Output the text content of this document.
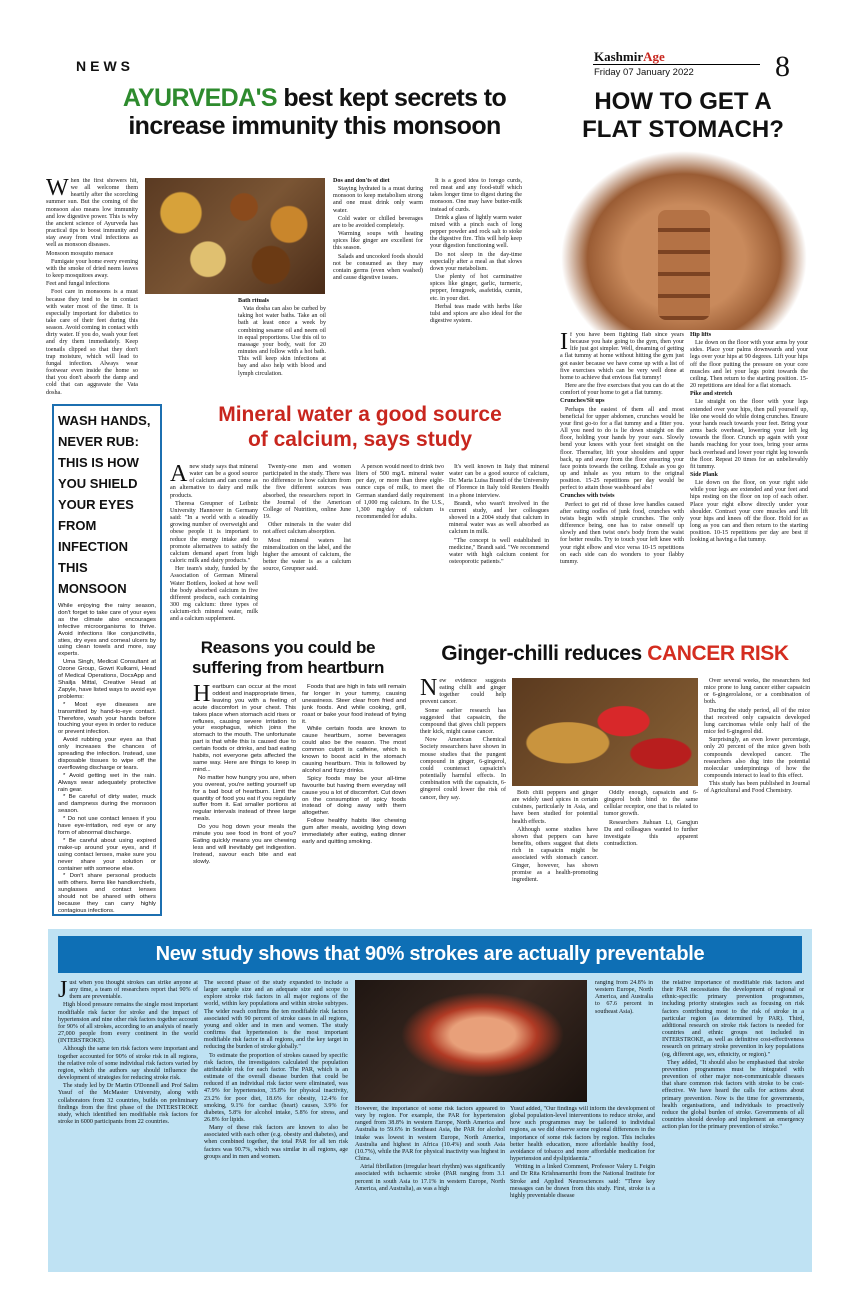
NEWS
KashmirAge
Friday 07 January 2022	8
AYURVEDA'S best kept secrets to
increase immunity this monsoon

When the first showers hit, we all welcome them heartily after the scorching summer sun. But the coming of the monsoon also means low immunity and low digestive power. This is why the ancient science of Ayurveda has practical tips to boost immunity and stay away from viral infections as well as monsoon diseases.

Monsoon mosquito menace

Fumigate your home every evening with the smoke of dried neem leaves to keep mosquitoes away.

Feet and fungal infections

Foot care in monsoons is a must because they tend to be in contact with water most of the time. It is especially important for diabetics to take care of their feet during this season. Avoid coming in contact with dirty water. If you do, wash your feet and dry them immediately. Keep toenails clipped so that they don't trap moisture, which will lead to fungal infection. Always wear footwear even inside the home so that you don't absorb the damp and cold that can aggravate the Vata dosha.

Bath rituals

Vata dosha can also be curbed by taking hot water baths. Take an oil bath at least once a week by combining sesame oil and neem oil in equal proportions. Use this oil to massage your body, wait for 20 minutes and follow with a hot bath. This will keep skin infections at bay and also help with blood and lymph circulation.

Dos and don'ts of diet

Staying hydrated is a must during monsoon to keep metabolism strong and one must drink only warm water.

Cold water or chilled beverages are to be avoided completely.

Warming soups with heating spices like ginger are excellent for this season.

Salads and uncooked foods should not be consumed as they may contain germs (even when washed) and cause digestive issues.

It is a good idea to forego curds, red meat and any food-stuff which takes longer time to digest during the monsoon. One may have butter-milk instead of curds.

Drink a glass of lightly warm water mixed with a pinch each of long pepper powder and rock salt to stoke the digestive fire. This will help keep your digestion functioning well.

Do not sleep in the day-time especially after a meal as that slows down your metabolism.

Use plenty of hot carminative spices like ginger, garlic, turmeric, pepper, fenugreek, asafetida, cumin, etc. in your diet.

Herbal teas made with herbs like tulsi and spices are also ideal for the digestive system.

HOW TO GET A
FLAT STOMACH?

If you have been fighting flab since years because you hate going to the gym, then your life just got simpler. Well, dreaming of getting a flat tummy at home without hitting the gym just got easier because we have come up with a list of five exercises which can be very well done at home to achieve that envious flat tummy!

Here are the five exercises that you can do at the comfort of your home to get a flat tummy.

Crunches/Sit ups

Perhaps the easiest of them all and most beneficial for upper abdomen, crunches would be your first go-to for a flat tummy and a fitter you. All you need to do is lie down straight on the floor, holding your hands by your ears. Slowly bend your knees with your feet straight on the floor. Thereafter, lift your shoulders and upper back, up and away from the floor ensuring your face points towards the ceiling. Exhale as you go up and inhale as you return to the original position. 15-25 repetitions per day would be perfect to attain those washboard abs!

Crunches with twists

Perfect to get rid of those love handles caused after eating oodles of junk food, crunches with twists begin with simple crunches. The only difference being, one has to raise oneself up slowly and then twist one's body from the waist for better results. Try to touch your left knee with your right elbow and vice versa 10-15 repetitions on each side can do wonders to your flabby tummy.

Hip lifts

Lie down on the floor with your arms by your sides. Place your palms downwards and your legs over your hips at 90 degrees. Lift your hips off the floor putting the pressure on your core muscles and let your legs point towards the ceiling. Then return to the starting position. 15-20 repetitions are ideal for a flat stomach.

Pike and stretch

Lie straight on the floor with your legs extended over your hips, then pull yourself up, like one would do while doing crunches. Ensure your hands reach towards your feet. Bring your arms back overhead, lowering your left leg towards the floor. Crunch up again with your hands reaching for your toes, bring your arms back overhead and lower your right leg towards the floor. Repeat 20 times for an unbelievably fit tummy.

Side Plank

Lie down on the floor, on your right side while your legs are extended and your feet and hips resting on the floor on top of each other. Place your right elbow directly under your shoulder. Contract your core muscles and lift your hips and knees off the floor. Hold for as long as you can and then return to the starting position. 10-15 repetitions per day are best if looking at having a flat tummy.

WASH HANDS, NEVER RUB: THIS IS HOW YOU SHIELD YOUR EYES FROM INFECTION THIS MONSOON

While enjoying the rainy season, don't forget to take care of your eyes as the climate also encourages infective microorganisms to thrive. Avoid infections like conjunctivitis, sties, dry eyes and corneal ulcers by using clean towels and more, say experts.

Uma Singh, Medical Consultant at Ozone Group, Gowri Kulkarni, Head of Medical Operations, DocsApp and Shailja Mittal, Creative Head at Zapyle, have listed ways to avoid eye problems:

* Most eye diseases are transmitted by hand-to-eye contact. Therefore, wash your hands before touching your eyes in order to reduce or prevent infection.

Avoid rubbing your eyes as that only increases the chances of spreading the infection. Instead, use disposable tissues to wipe off the overflowing discharge or tears.

* Avoid getting wet in the rain. Always wear adequately protective rain gear.

* Be careful of dirty water, muck and dampness during the monsoon season.

* Do not use contact lenses if you have eye-irritation, red eye or any form of abnormal discharge.

* Be careful about using expired make-up around your eyes, and if using contact lenses, make sure you never share your solution or container with someone else.

* Don't share personal products with others. Items like handkerchiefs, sunglasses and contact lenses should not be shared with others because they can carry highly contagious infections.

Mineral water a good source
of calcium, says study

Anew study says that mineral water can be a good source of calcium and can come as an alternative to dairy and milk products.

Theresa Greupner of Leibniz University Hannover in Germany said: "In a world with a steadily growing number of overweight and obese people it is important to reduce the energy intake and to promote alternatives to satisfy the calcium demand apart from high caloric milk and dairy products."

Her team's study, funded by the Association of German Mineral Water Bottlers, looked at how well the body absorbed calcium in five different products, each containing 300 mg calcium: three types of calcium-rich mineral water, milk and a calcium supplement.

Twenty-one men and women participated in the study. There was no difference in how calcium from the five different sources was absorbed, the researchers report in the Journal of the American College of Nutrition, online June 19.

Other minerals in the water did not affect calcium absorption.

Most mineral waters list mineralization on the label, and the higher the amount of calcium, the better the water is as a calcium source, Greupner said.

A person would need to drink two liters of 500 mg/L mineral water per day, or more than three eight-ounce cups of milk, to meet the German standard daily requirement of 1,000 mg calcium. In the U.S., 1,300 mg/day of calcium is recommended for adults.

It's well known in Italy that mineral water can be a good source of calcium, Dr. Maria Luisa Brandi of the University of Florence in Italy told Reuters Health in a phone interview.

Brandi, who wasn't involved in the current study, and her colleagues showed in a 2004 study that calcium in mineral water was as well absorbed as calcium in milk.

"The concept is well established in medicine," Brandi said. "We recommend water with high calcium content for osteoporotic patients."

Reasons you could be
suffering from heartburn

Heartburn can occur at the most oddest and inappropriate times, leaving you with a feeling of acute discomfort in your chest. This takes place when stomach acid rises or refluxes, causing severe irritation to your esophagus, which joins the stomach to the mouth. The unfortunate part is that while this is caused due to certain foods or drinks, and bad eating habits, not everyone gets affected the same way. Here are things to keep in mind...

No matter how hungry you are, when you overeat, you're setting yourself up for a bad bout of heartburn. Limit the quantity of food you eat if you regularly suffer from it. Eat smaller portions at regular intervals instead of three large meals.

Do you hog down your meals the minute you see food in front of you? Eating quickly means you are chewing less and will inevitably get indigestion. Instead, savour each bite and eat slowly.

Foods that are high in fats will remain far longer in your tummy, causing uneasiness. Steer clear from fried and junk foods. And while cooking, grill, roast or bake your food instead of frying it.

While certain foods are known to cause heartburn, some beverages could also be the reason. The most common culprit is caffeine, which is known to boost acid in the stomach causing heartburn. This is followed by alcohol and fizzy drinks.

Spicy foods may be your all-time favourite but having them everyday will cause you a lot of discomfort. Cut down on the consumption of spicy foods instead of doing away with them altogether.

Follow healthy habits like chewing gum after meals, avoiding lying down immediately after eating, eating dinner early and quitting smoking.

Ginger-chilli reduces CANCER RISK

New evidence suggests eating chilli and ginger together could help prevent cancer.

Some earlier research has suggested that capsaicin, the compound that gives chili peppers their kick, might cause cancer.

Now American Chemical Society researchers have shown in mouse studies that the pungent compound in ginger, 6-gingerol, could counteract capsaicin's potentially harmful effects. In combination with the capsaicin, 6-gingerol could lower the risk of cancer, they say.

Both chili peppers and ginger are widely used spices in certain cuisines, particularly in Asia, and have been studied for potential health effects.

Although some studies have shown that peppers can have benefits, others suggest that diets rich in capsaicin might be associated with stomach cancer. Ginger, however, has shown promise as a health-promoting ingredient.

Oddly enough, capsaicin and 6-gingerol both bind to the same cellular receptor, one that is related to tumor growth.

Researchers Jiahuan Li, Gangjun Du and colleagues wanted to further investigate this apparent contradiction.

Over several weeks, the researchers fed mice prone to lung cancer either capsaicin or 6-gingerolalone, or a combination of both.

During the study period, all of the mice that received only capsaicin developed lung carcinomas while only half of the mice fed 6-gingerol did.

Surprisingly, an even lower percentage, only 20 percent of the mice given both compounds developed cancer. The researchers also dug into the potential molecular underpinnings of how the compounds interact to lead to this effect.

This study has been published in Journal of Agricultural and Food Chemistry.

New study shows that 90% strokes are actually preventable

Just when you thought strokes can strike anyone at any time, a team of researchers report that 90% of them are preventable.

High blood pressure remains the single most important modifiable risk factor for stroke and the impact of hypertension and nine other risk factors together account for 90% of all strokes, according to an analysis of nearly 27,000 people from every continent in the world (INTERSTROKE).

Although the same ten risk factors were important and together accounted for 90% of stroke risk in all regions, the relative role of some individual risk factors varied by region, which the authors say should influence the development of strategies for reducing stroke risk.

The study led by Dr Martin O'Donnell and Prof Salim Yusuf of the McMaster University, along with collaborators from 32 countries, builds on preliminary findings from the first phase of the INTERSTROKE study, which identified ten modifiable risk factors for stroke in 6000 participants from 22 countries.

The second phase of the study expanded to include a larger sample size and an adequate size and scope to explore stroke risk factors in all major regions of the world, within key populations and within stroke subtypes. The wider reach confirms the ten modifiable risk factors associated with 90 percent of stroke cases in all regions, young and older and in men and women. The study confirms that hypertension is the most important modifiable risk factor in all regions, and the key target in reducing the burden of stroke globally."

To estimate the proportion of strokes caused by specific risk factors, the investigators calculated the population attributable risk for each factor. The PAR, which is an estimate of the overall disease burden that could be reduced if an individual risk factor were eliminated, was 47.9% for hypertension, 35.8% for physical inactivity, 23.2% for poor diet, 18.6% for obesity, 12.4% for smoking, 9.1% for cardiac (heart) causes, 3.9% for diabetes, 5.8% for alcohol intake, 5.8% for stress, and 26.8% for lipids.

Many of these risk factors are known to also be associated with each other (e.g. obesity and diabetes), and when combined together, the total PAR for all ten risk factors was 90.7%, which was similar in all regions, age groups and in men and women.

However, the importance of some risk factors appeared to vary by region. For example, the PAR for hypertension ranged from 38.8% in western Europe, North America and Australia to 59.6% in Southeast Asia, the PAR for alcohol intake was lowest in western Europe, North America, Australia and highest in Africa (10.4%) and south Asia (10.7%), while the PAR for physical inactivity was highest in China.

Atrial fibrillation (irregular heart rhythm) was significantly associated with ischaemic stroke (PAR ranging from 3.1 percent in south Asia to 17.1% in western Europe, North America, and Australia), as was a high

ranging from 24.8% in western Europe, North America, and Australia to 67.6 percent in southeast Asia).

Yusuf added, "Our findings will inform the development of global population-level interventions to reduce stroke, and how such programmes may be tailored to individual regions, as we did observe some regional differences in the importance of some risk factors by region. This includes better health education, more affordable healthy food, avoidance of tobacco and more affordable medication for hypertension and dyslipidaemia."

Writing in a linked Comment, Professor Valery L Feigin and Dr Rita Krishnamurthi from the National Institute for Stroke and Applied Neurosciences said: "Three key messages can be drawn from this study. First, stroke is a highly preventable disease

the relative importance of modifiable risk factors and their PAR necessitates the development of regional or ethnic-specific primary prevention programmes, including priority strategies such as focusing on risk factors contributing most to the risk of stroke in a particular region (as determined by PAR). Third, additional research on stroke risk factors is needed for countries and ethnic groups not included in INTERSTROKE, as well as definitive cost-effectiveness research on primary stroke prevention in key populations (eg, different age, sex, ethnicity, or region)."

They added, "It should also be emphasised that stroke prevention programmes must be integrated with prevention of other major non-communicable diseases that share common risk factors with stroke to be cost-effective. We have heard the calls for actions about primary prevention. Now is the time for governments, health organisations, and individuals to proactively reduce the global burden of stroke. Governments of all countries should develop and implement an emergency action plan for the primary prevention of stroke."
